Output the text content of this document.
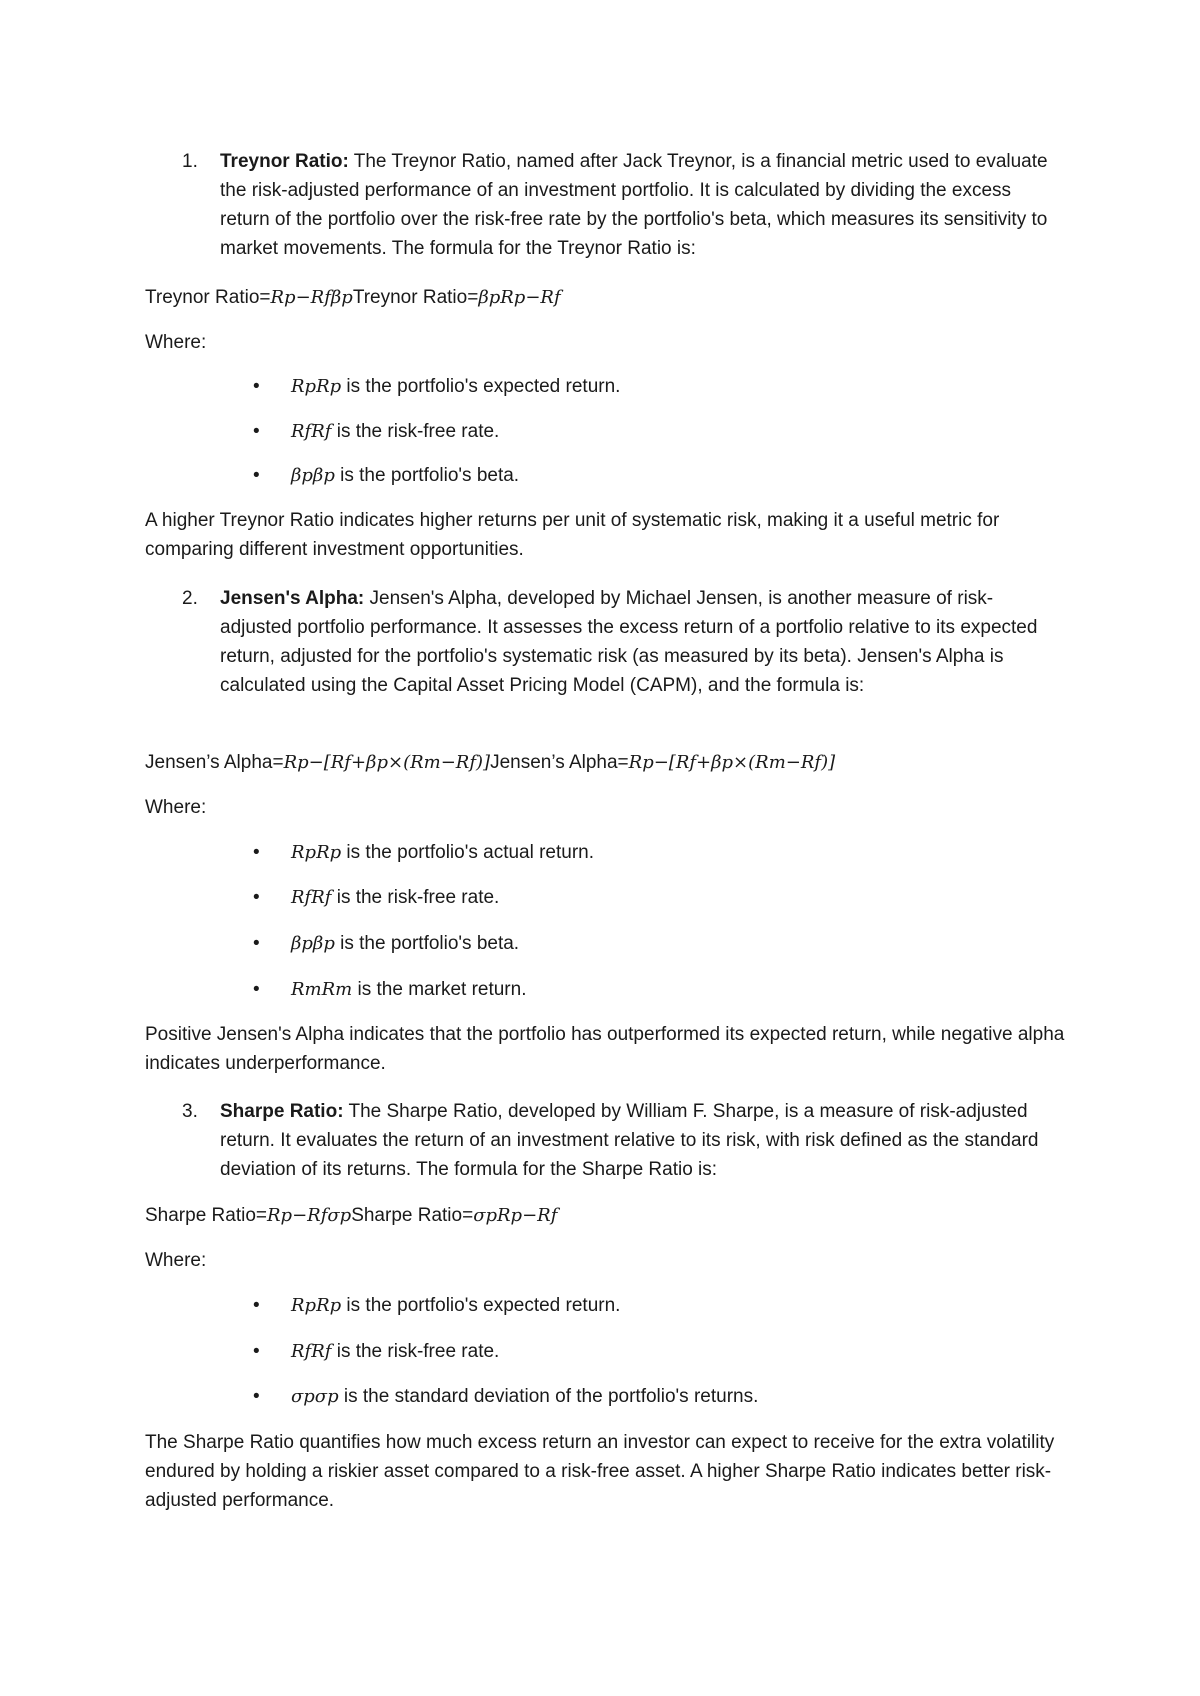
1. Treynor Ratio: The Treynor Ratio, named after Jack Treynor, is a financial metric used to evaluate the risk-adjusted performance of an investment portfolio. It is calculated by dividing the excess return of the portfolio over the risk-free rate by the portfolio's beta, which measures its sensitivity to market movements. The formula for the Treynor Ratio is:
Treynor Ratio=Rp−RfβpTreynor Ratio=βpRp−Rf
Where:
• RpRp is the portfolio's expected return.
• RfRf is the risk-free rate.
• βpβp is the portfolio's beta.
A higher Treynor Ratio indicates higher returns per unit of systematic risk, making it a useful metric for comparing different investment opportunities.
2. Jensen's Alpha: Jensen's Alpha, developed by Michael Jensen, is another measure of risk-adjusted portfolio performance. It assesses the excess return of a portfolio relative to its expected return, adjusted for the portfolio's systematic risk (as measured by its beta). Jensen's Alpha is calculated using the Capital Asset Pricing Model (CAPM), and the formula is:
Jensen’s Alpha=Rp−[Rf+βp×(Rm−Rf)]Jensen’s Alpha=Rp−[Rf+βp×(Rm−Rf)]
Where:
• RpRp is the portfolio's actual return.
• RfRf is the risk-free rate.
• βpβp is the portfolio's beta.
• RmRm is the market return.
Positive Jensen's Alpha indicates that the portfolio has outperformed its expected return, while negative alpha indicates underperformance.
3. Sharpe Ratio: The Sharpe Ratio, developed by William F. Sharpe, is a measure of risk-adjusted return. It evaluates the return of an investment relative to its risk, with risk defined as the standard deviation of its returns. The formula for the Sharpe Ratio is:
Sharpe Ratio=Rp−RfσpSharpe Ratio=σpRp−Rf
Where:
• RpRp is the portfolio's expected return.
• RfRf is the risk-free rate.
• σpσp is the standard deviation of the portfolio's returns.
The Sharpe Ratio quantifies how much excess return an investor can expect to receive for the extra volatility endured by holding a riskier asset compared to a risk-free asset. A higher Sharpe Ratio indicates better risk-adjusted performance.
